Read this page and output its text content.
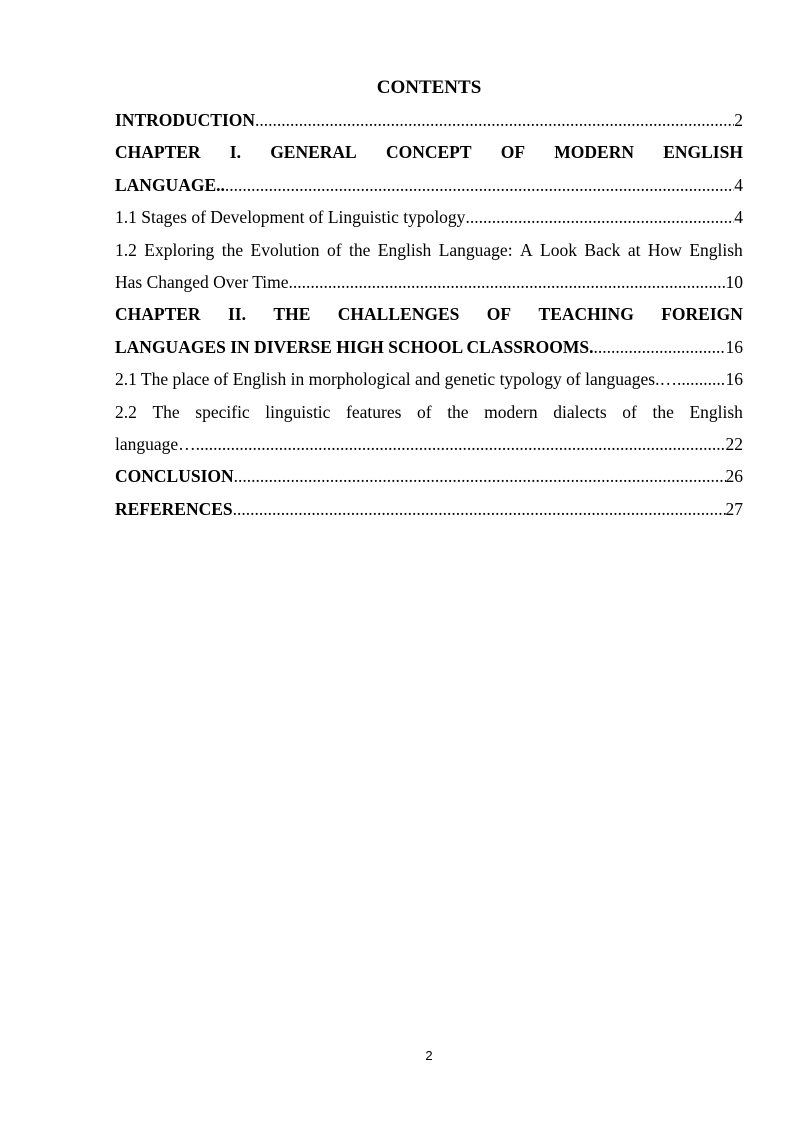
CONTENTS
INTRODUCTION .....	2
CHAPTER I. GENERAL CONCEPT OF MODERN ENGLISH
LANGUAGE.. .....	4
1.1 Stages of Development of Linguistic typology .....	4
1.2 Exploring the Evolution of the English Language: A Look Back at How English
Has Changed Over Time .....	10
CHAPTER II. THE CHALLENGES OF TEACHING FOREIGN
LANGUAGES IN DIVERSE HIGH SCHOOL CLASSROOMS. .....	16
2.1 The place of English in morphological and genetic typology of languages.… .....	16
2.2 The specific linguistic features of the modern dialects of the English
language… .....	22
CONCLUSION .....	26
REFERENCES .....	27
2
